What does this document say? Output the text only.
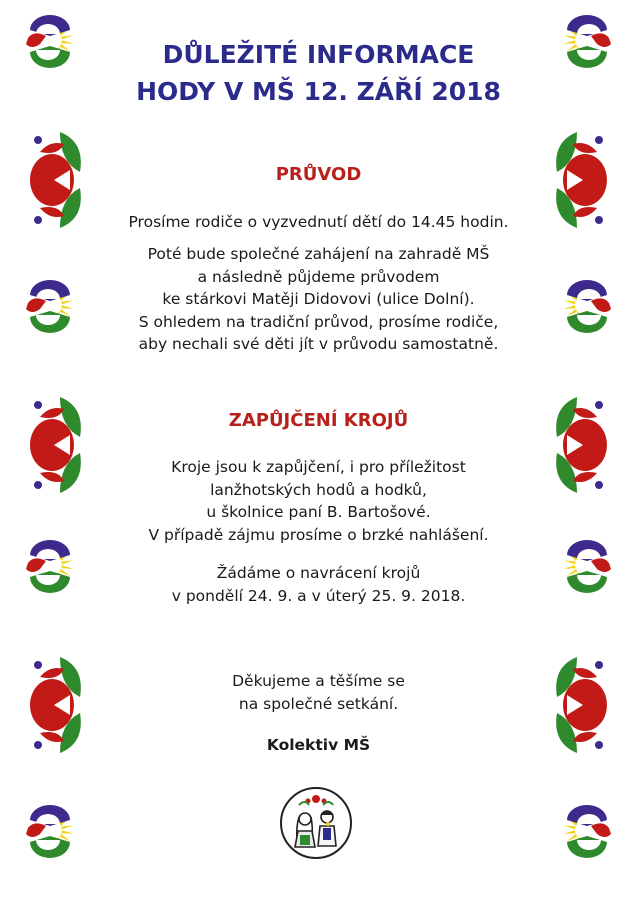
DŮLEŽITÉ INFORMACE
HODY V MŠ 12. ZÁŘÍ 2018
PRŮVOD

Prosíme rodiče o vyzvednutí dětí do 14.45 hodin.

Poté bude společné zahájení na zahradě MŠ
a následně půjdeme průvodem
ke stárkovi Matěji Didovovi (ulice Dolní).
S ohledem na tradiční průvod, prosíme rodiče,
aby nechali své děti jít v průvodu samostatně.

ZAPŮJČENÍ KROJŮ

Kroje jsou k zapůjčení, i pro příležitost
lanžhotských hodů a hodků,
u školnice paní B. Bartošové.
V případě zájmu prosíme o brzké nahlášení.

Žádáme o navrácení krojů
v pondělí 24. 9. a v úterý 25. 9. 2018.

Děkujeme a těšíme se
na společné setkání.

Kolektiv MŠ
